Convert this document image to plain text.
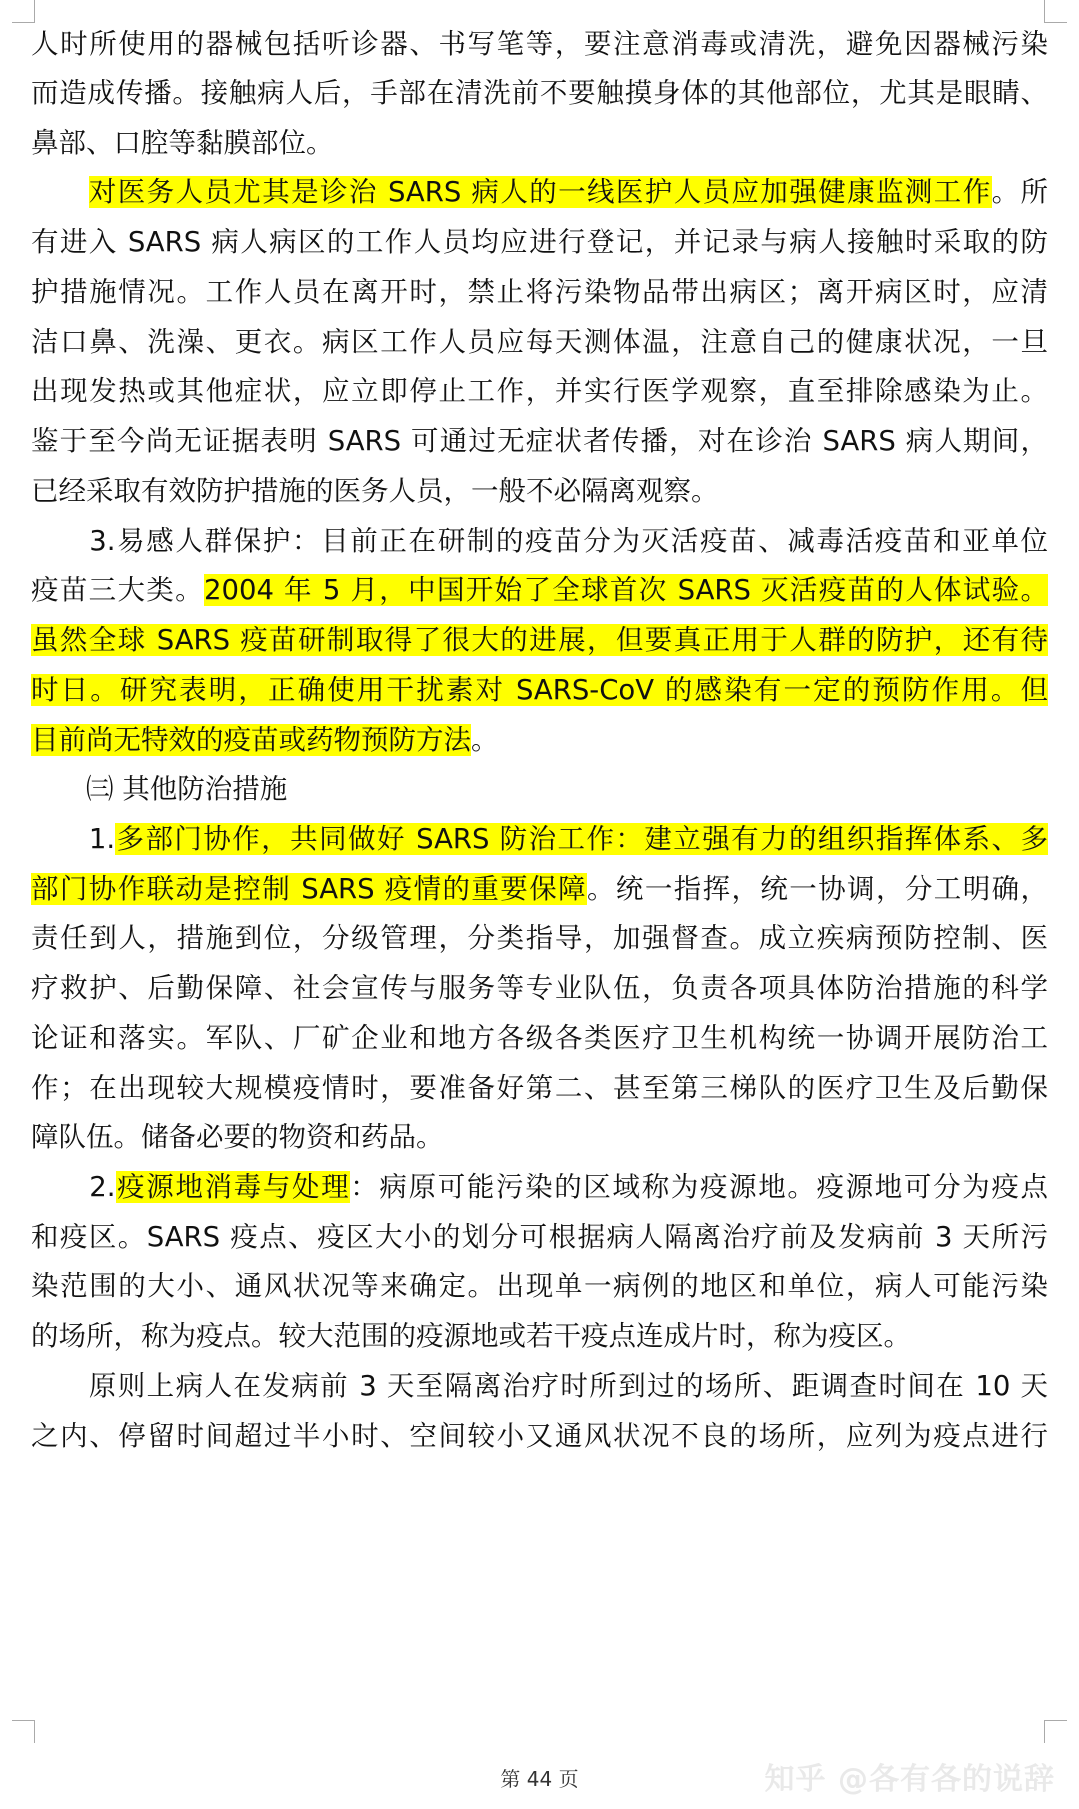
人时所使用的器械包括听诊器、书写笔等，要注意消毒或清洗，避免因器械污染
而造成传播。接触病人后，手部在清洗前不要触摸身体的其他部位，尤其是眼睛、
鼻部、口腔等黏膜部位。
　　对医务人员尤其是诊治 SARS 病人的一线医护人员应加强健康监测工作。所
有进入 SARS 病人病区的工作人员均应进行登记，并记录与病人接触时采取的防
护措施情况。工作人员在离开时，禁止将污染物品带出病区；离开病区时，应清
洁口鼻、洗澡、更衣。病区工作人员应每天测体温，注意自己的健康状况，一旦
出现发热或其他症状，应立即停止工作，并实行医学观察，直至排除感染为止。
鉴于至今尚无证据表明 SARS 可通过无症状者传播，对在诊治 SARS 病人期间，
已经采取有效防护措施的医务人员，一般不必隔离观察。
　　3.易感人群保护：目前正在研制的疫苗分为灭活疫苗、减毒活疫苗和亚单位
疫苗三大类。2004 年 5 月，中国开始了全球首次 SARS 灭活疫苗的人体试验。
虽然全球 SARS 疫苗研制取得了很大的进展，但要真正用于人群的防护，还有待
时日。研究表明，正确使用干扰素对 SARS-CoV 的感染有一定的预防作用。但
目前尚无特效的疫苗或药物预防方法。
　　㈢ 其他防治措施
　　1.多部门协作，共同做好 SARS 防治工作：建立强有力的组织指挥体系、多
部门协作联动是控制 SARS 疫情的重要保障。统一指挥，统一协调，分工明确，
责任到人，措施到位，分级管理，分类指导，加强督查。成立疾病预防控制、医
疗救护、后勤保障、社会宣传与服务等专业队伍，负责各项具体防治措施的科学
论证和落实。军队、厂矿企业和地方各级各类医疗卫生机构统一协调开展防治工
作；在出现较大规模疫情时，要准备好第二、甚至第三梯队的医疗卫生及后勤保
障队伍。储备必要的物资和药品。
　　2.疫源地消毒与处理：病原可能污染的区域称为疫源地。疫源地可分为疫点
和疫区。SARS 疫点、疫区大小的划分可根据病人隔离治疗前及发病前 3 天所污
染范围的大小、通风状况等来确定。出现单一病例的地区和单位，病人可能污染
的场所，称为疫点。较大范围的疫源地或若干疫点连成片时，称为疫区。
　　原则上病人在发病前 3 天至隔离治疗时所到过的场所、距调查时间在 10 天
之内、停留时间超过半小时、空间较小又通风状况不良的场所，应列为疫点进行
第 44 页	知乎 @各有各的说辞
